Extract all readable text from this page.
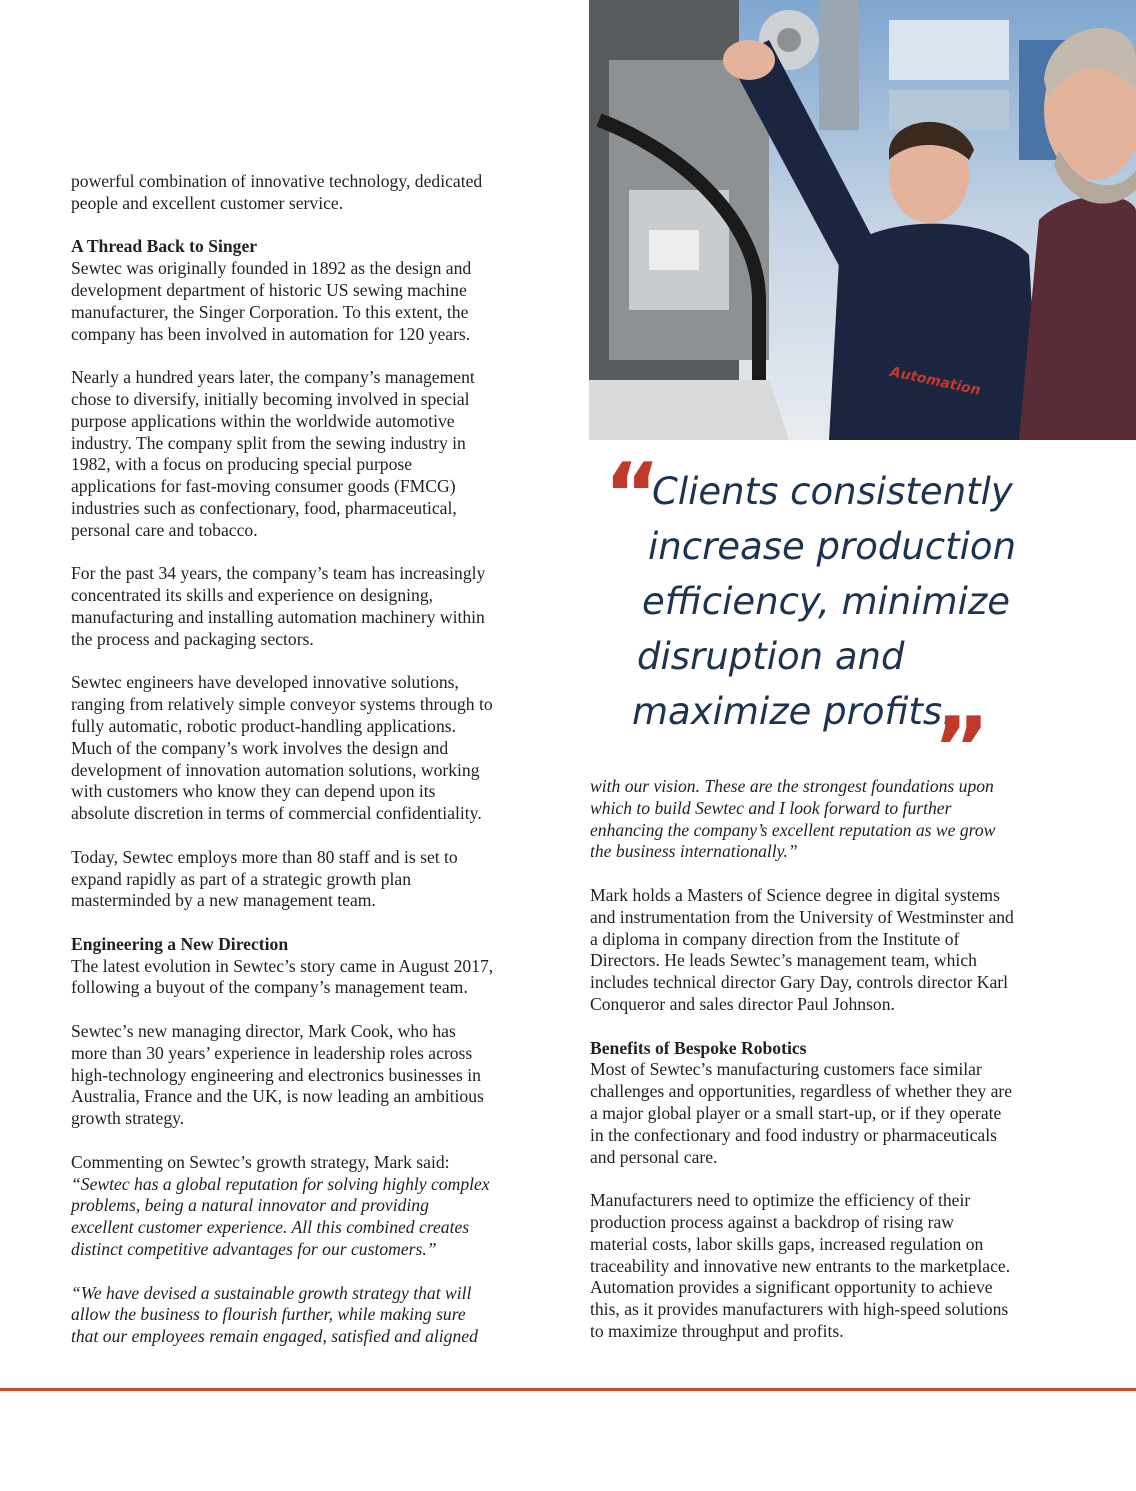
powerful combination of innovative technology, dedicated
people and excellent customer service.

A Thread Back to Singer

Sewtec was originally founded in 1892 as the design and
development department of historic US sewing machine
manufacturer, the Singer Corporation. To this extent, the
company has been involved in automation for 120 years.

Nearly a hundred years later, the company’s management
chose to diversify, initially becoming involved in special
purpose applications within the worldwide automotive
industry. The company split from the sewing industry in
1982, with a focus on producing special purpose
applications for fast-moving consumer goods (FMCG)
industries such as confectionary, food, pharmaceutical,
personal care and tobacco.

For the past 34 years, the company’s team has increasingly
concentrated its skills and experience on designing,
manufacturing and installing automation machinery within
the process and packaging sectors.

Sewtec engineers have developed innovative solutions,
ranging from relatively simple conveyor systems through to
fully automatic, robotic product-handling applications.
Much of the company’s work involves the design and
development of innovation automation solutions, working
with customers who know they can depend upon its
absolute discretion in terms of commercial confidentiality.

Today, Sewtec employs more than 80 staff and is set to
expand rapidly as part of a strategic growth plan
masterminded by a new management team.

Engineering a New Direction

The latest evolution in Sewtec’s story came in August 2017,
following a buyout of the company’s management team.

Sewtec’s new managing director, Mark Cook, who has
more than 30 years’ experience in leadership roles across
high-technology engineering and electronics businesses in
Australia, France and the UK, is now leading an ambitious
growth strategy.

Commenting on Sewtec’s growth strategy, Mark said:
“Sewtec has a global reputation for solving highly complex
problems, being a natural innovator and providing
excellent customer experience. All this combined creates
distinct competitive advantages for our customers.”

“We have devised a sustainable growth strategy that will
allow the business to flourish further, while making sure
that our employees remain engaged, satisfied and aligned

Automation
“
Clients consistently
increase production
efficiency, minimize
disruption and
maximize profits.
”

with our vision. These are the strongest foundations upon
which to build Sewtec and I look forward to further
enhancing the company’s excellent reputation as we grow
the business internationally.”

Mark holds a Masters of Science degree in digital systems
and instrumentation from the University of Westminster and
a diploma in company direction from the Institute of
Directors. He leads Sewtec’s management team, which
includes technical director Gary Day, controls director Karl
Conqueror and sales director Paul Johnson.

Benefits of Bespoke Robotics

Most of Sewtec’s manufacturing customers face similar
challenges and opportunities, regardless of whether they are
a major global player or a small start-up, or if they operate
in the confectionary and food industry or pharmaceuticals
and personal care.

Manufacturers need to optimize the efficiency of their
production process against a backdrop of rising raw
material costs, labor skills gaps, increased regulation on
traceability and innovative new entrants to the marketplace.
Automation provides a significant opportunity to achieve
this, as it provides manufacturers with high-speed solutions
to maximize throughput and profits.
